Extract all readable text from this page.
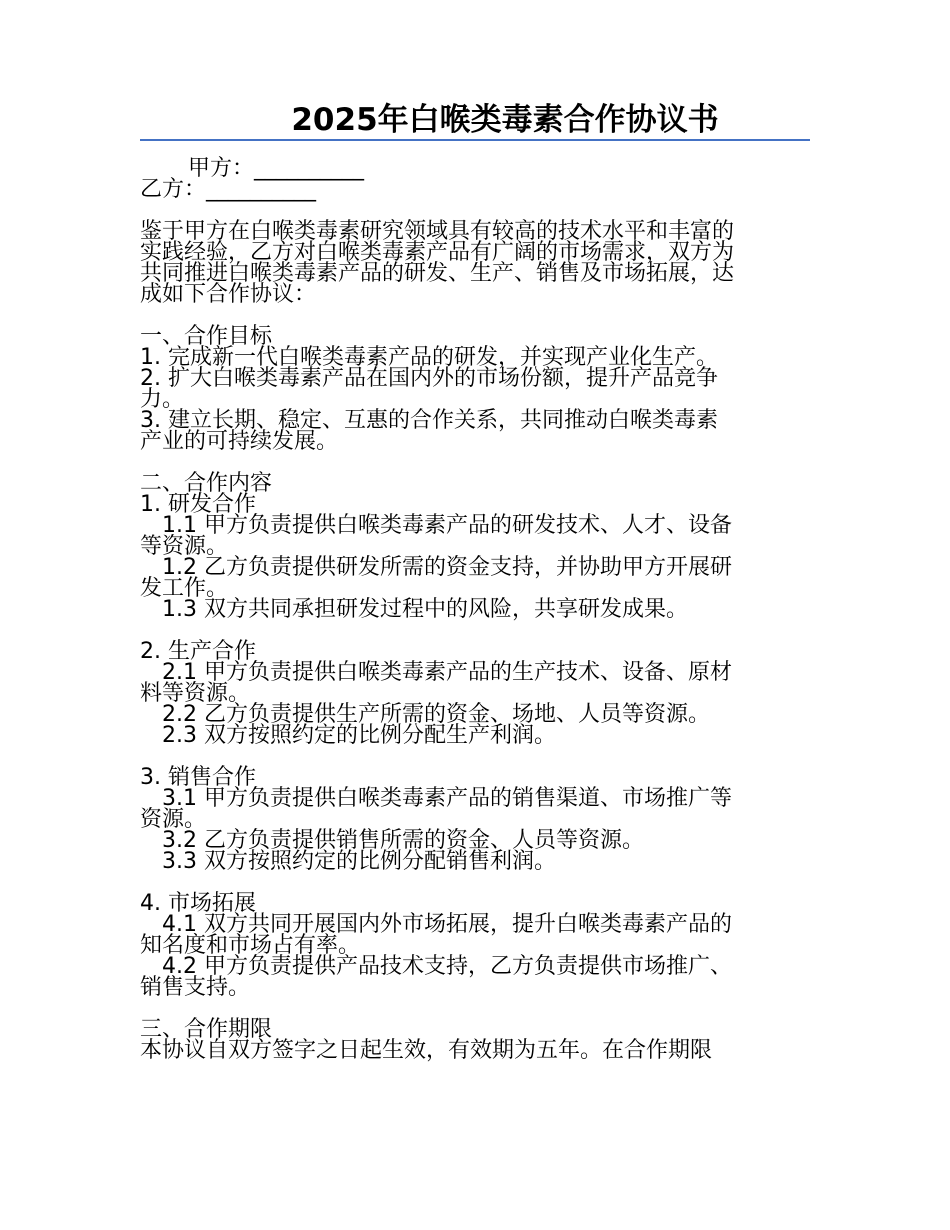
2025年白喉类毒素合作协议书
甲方：__________
乙方：__________
鉴于甲方在白喉类毒素研究领域具有较高的技术水平和丰富的
实践经验，乙方对白喉类毒素产品有广阔的市场需求，双方为
共同推进白喉类毒素产品的研发、生产、销售及市场拓展，达
成如下合作协议：
一、合作目标
1. 完成新一代白喉类毒素产品的研发，并实现产业化生产。
2. 扩大白喉类毒素产品在国内外的市场份额，提升产品竞争
力。
3. 建立长期、稳定、互惠的合作关系，共同推动白喉类毒素
产业的可持续发展。
二、合作内容
1. 研发合作
1.1 甲方负责提供白喉类毒素产品的研发技术、人才、设备
等资源。
1.2 乙方负责提供研发所需的资金支持，并协助甲方开展研
发工作。
1.3 双方共同承担研发过程中的风险，共享研发成果。
2. 生产合作
2.1 甲方负责提供白喉类毒素产品的生产技术、设备、原材
料等资源。
2.2 乙方负责提供生产所需的资金、场地、人员等资源。
2.3 双方按照约定的比例分配生产利润。
3. 销售合作
3.1 甲方负责提供白喉类毒素产品的销售渠道、市场推广等
资源。
3.2 乙方负责提供销售所需的资金、人员等资源。
3.3 双方按照约定的比例分配销售利润。
4. 市场拓展
4.1 双方共同开展国内外市场拓展，提升白喉类毒素产品的
知名度和市场占有率。
4.2 甲方负责提供产品技术支持，乙方负责提供市场推广、
销售支持。
三、合作期限
本协议自双方签字之日起生效，有效期为五年。在合作期限
